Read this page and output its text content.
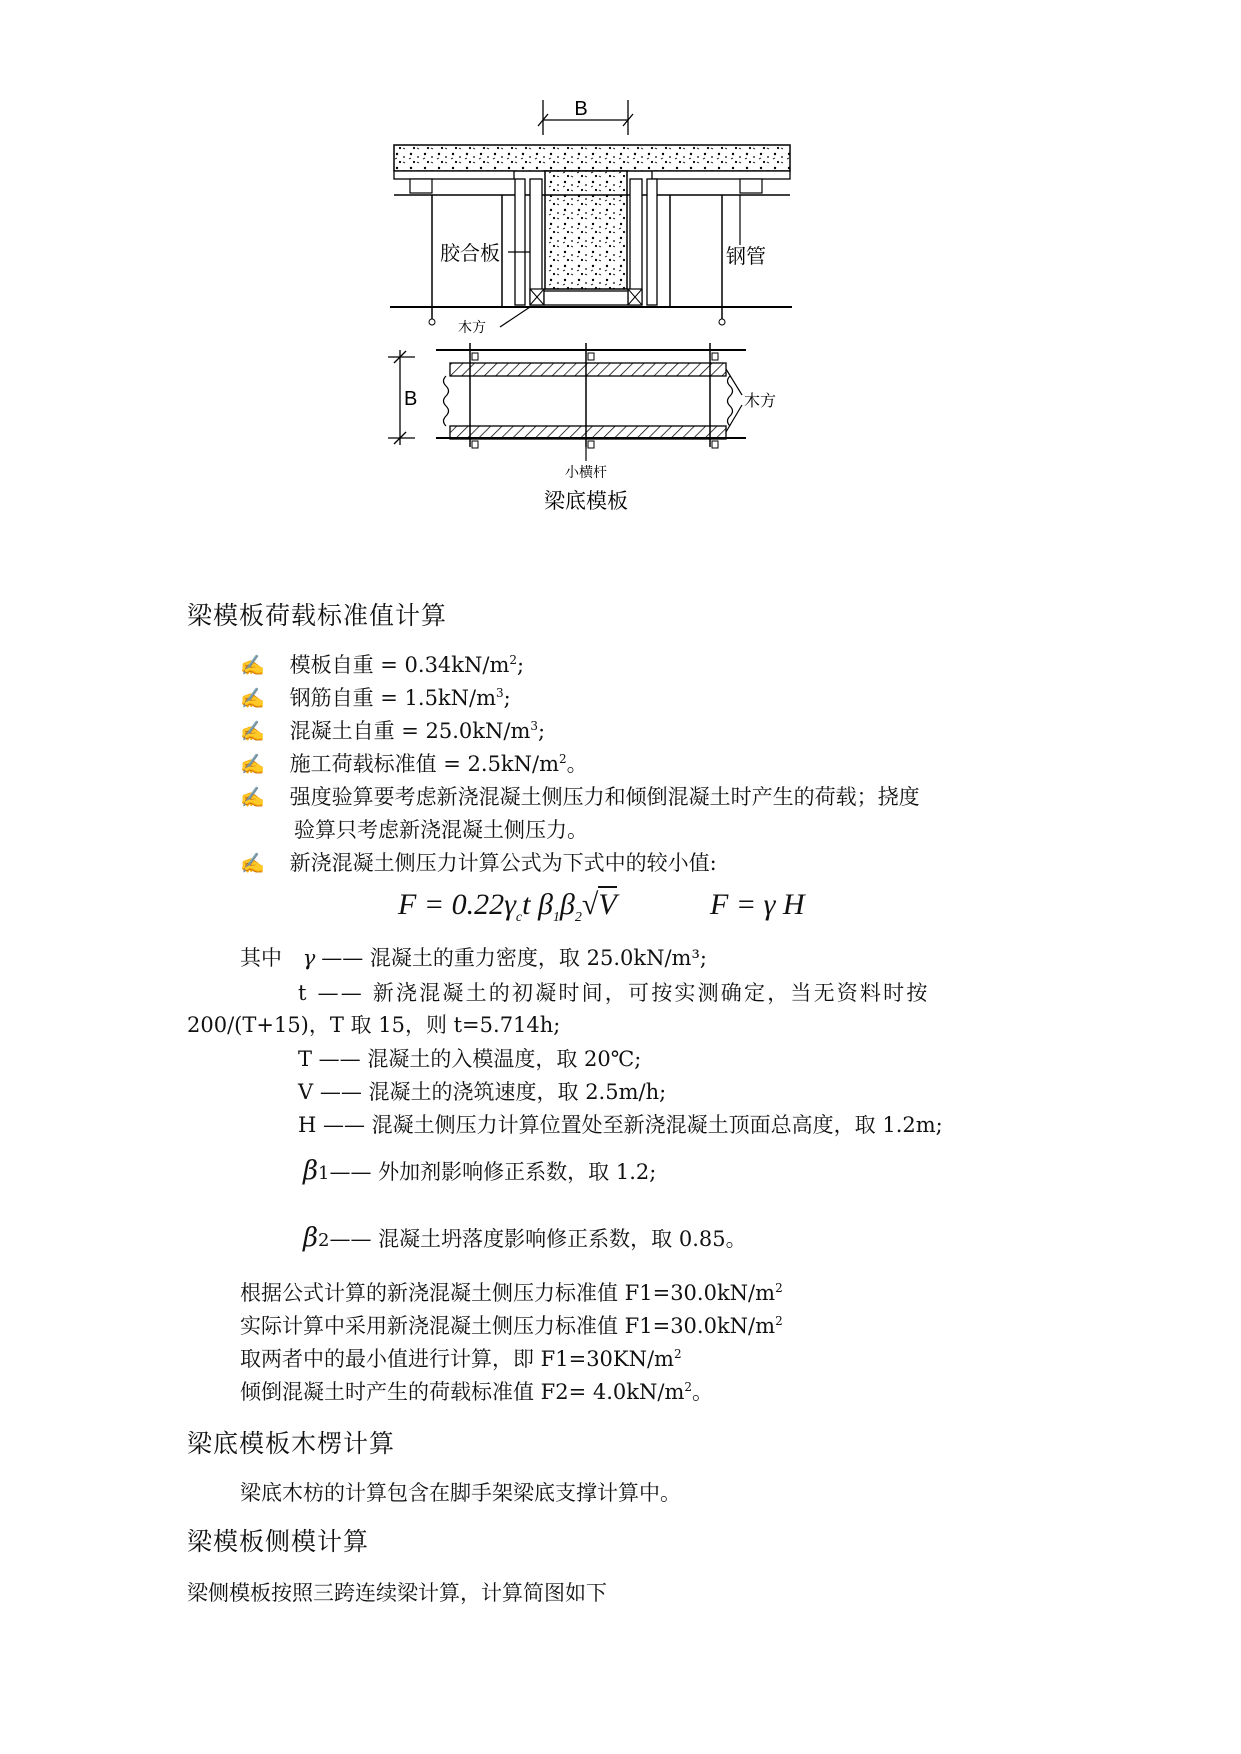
B
胶合板	钢管
木方
B	木方
小横杆
梁底模板
梁模板荷载标准值计算
✍ 模板自重 = $0.34kN/m^2$;
✍ 钢筋自重 = $1.5kN/m^3$;
✍ 混凝土自重 = $25.0kN/m^3$;
✍ 施工荷载标准值 = $2.5kN/m^2$。
✍ 强度验算要考虑新浇混凝土侧压力和倾倒混凝土时产生的荷载；挠度
验算只考虑新浇混凝土侧压力。
✍ 新浇混凝土侧压力计算公式为下式中的较小值:
$F = 0.22\gamma_ct$ $\beta_1\beta_2√V$	F = γ H
其中 γ —— 混凝土的重力密度，取 25.0kN/m³;
t —— 新浇混凝土的初凝时间，可按实测确定，当无资料时按
200/(T+15)，T 取 15，则 t=5.714h;
T —— 混凝土的入模温度，取 20℃;
V —— 混凝土的浇筑速度，取 2.5m/h;
H —— 混凝土侧压力计算位置处至新浇混凝土顶面总高度，取 1.2m;
β1—— 外加剂影响修正系数，取 1.2;
β2—— 混凝土坍落度影响修正系数，取 0.85。
根据公式计算的新浇混凝土侧压力标准值 $F1=30.0kN/m^2$
实际计算中采用新浇混凝土侧压力标准值 $F1=30.0kN/m^2$
取两者中的最小值进行计算，即 $F1=30KN/m^2$
倾倒混凝土时产生的荷载标准值 $F2= 4.0kN/m^2$。
梁底模板木楞计算
梁底木枋的计算包含在脚手架梁底支撑计算中。
梁模板侧模计算
梁侧模板按照三跨连续梁计算，计算简图如下
